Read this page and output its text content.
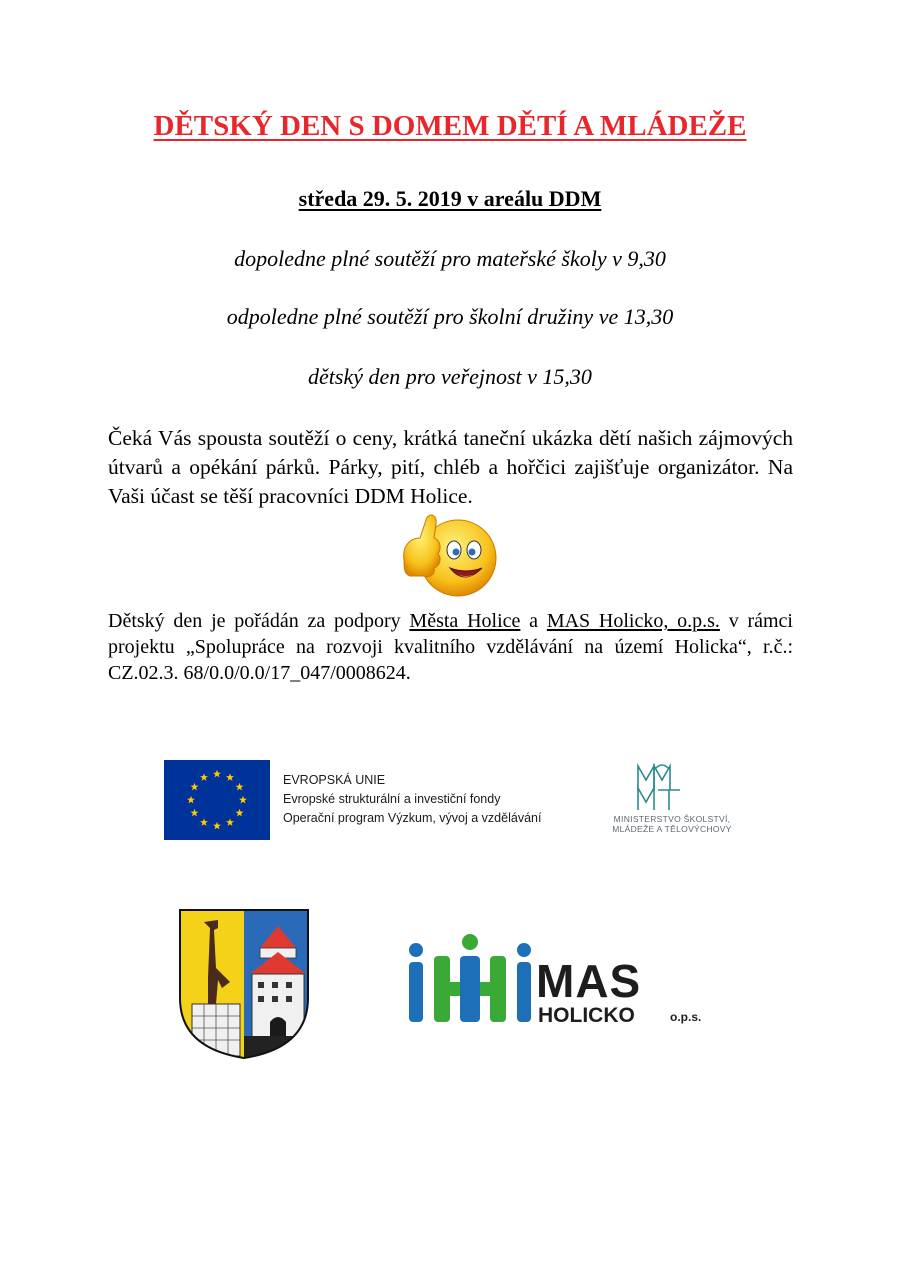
DĚTSKÝ DEN S DOMEM DĚTÍ A MLÁDEŽE
středa 29. 5. 2019 v areálu DDM
dopoledne plné soutěží pro mateřské školy v 9,30
odpoledne plné soutěží pro školní družiny ve 13,30
dětský den pro veřejnost v 15,30

Čeká Vás spousta soutěží o ceny, krátká taneční ukázka dětí našich zájmových útvarů a opékání párků. Párky, pití, chléb a hořčici zajišťuje organizátor. Na Vaši účast se těší pracovníci DDM Holice.

Dětský den je pořádán za podpory Města Holice a MAS Holicko, o.p.s. v rámci projektu „Spolupráce na rozvoji kvalitního vzdělávání na území Holicka“, r.č.: CZ.02.3. 68/0.0/0.0/17_047/0008624.

EVROPSKÁ UNIE
Evropské strukturální a investiční fondy
Operační program Výzkum, vývoj a vzdělávání	MINISTERSTVO ŠKOLSTVÍ,
MLÁDEŽE A TĚLOVÝCHOVY
MAS
HOLICKO	o.p.s.
